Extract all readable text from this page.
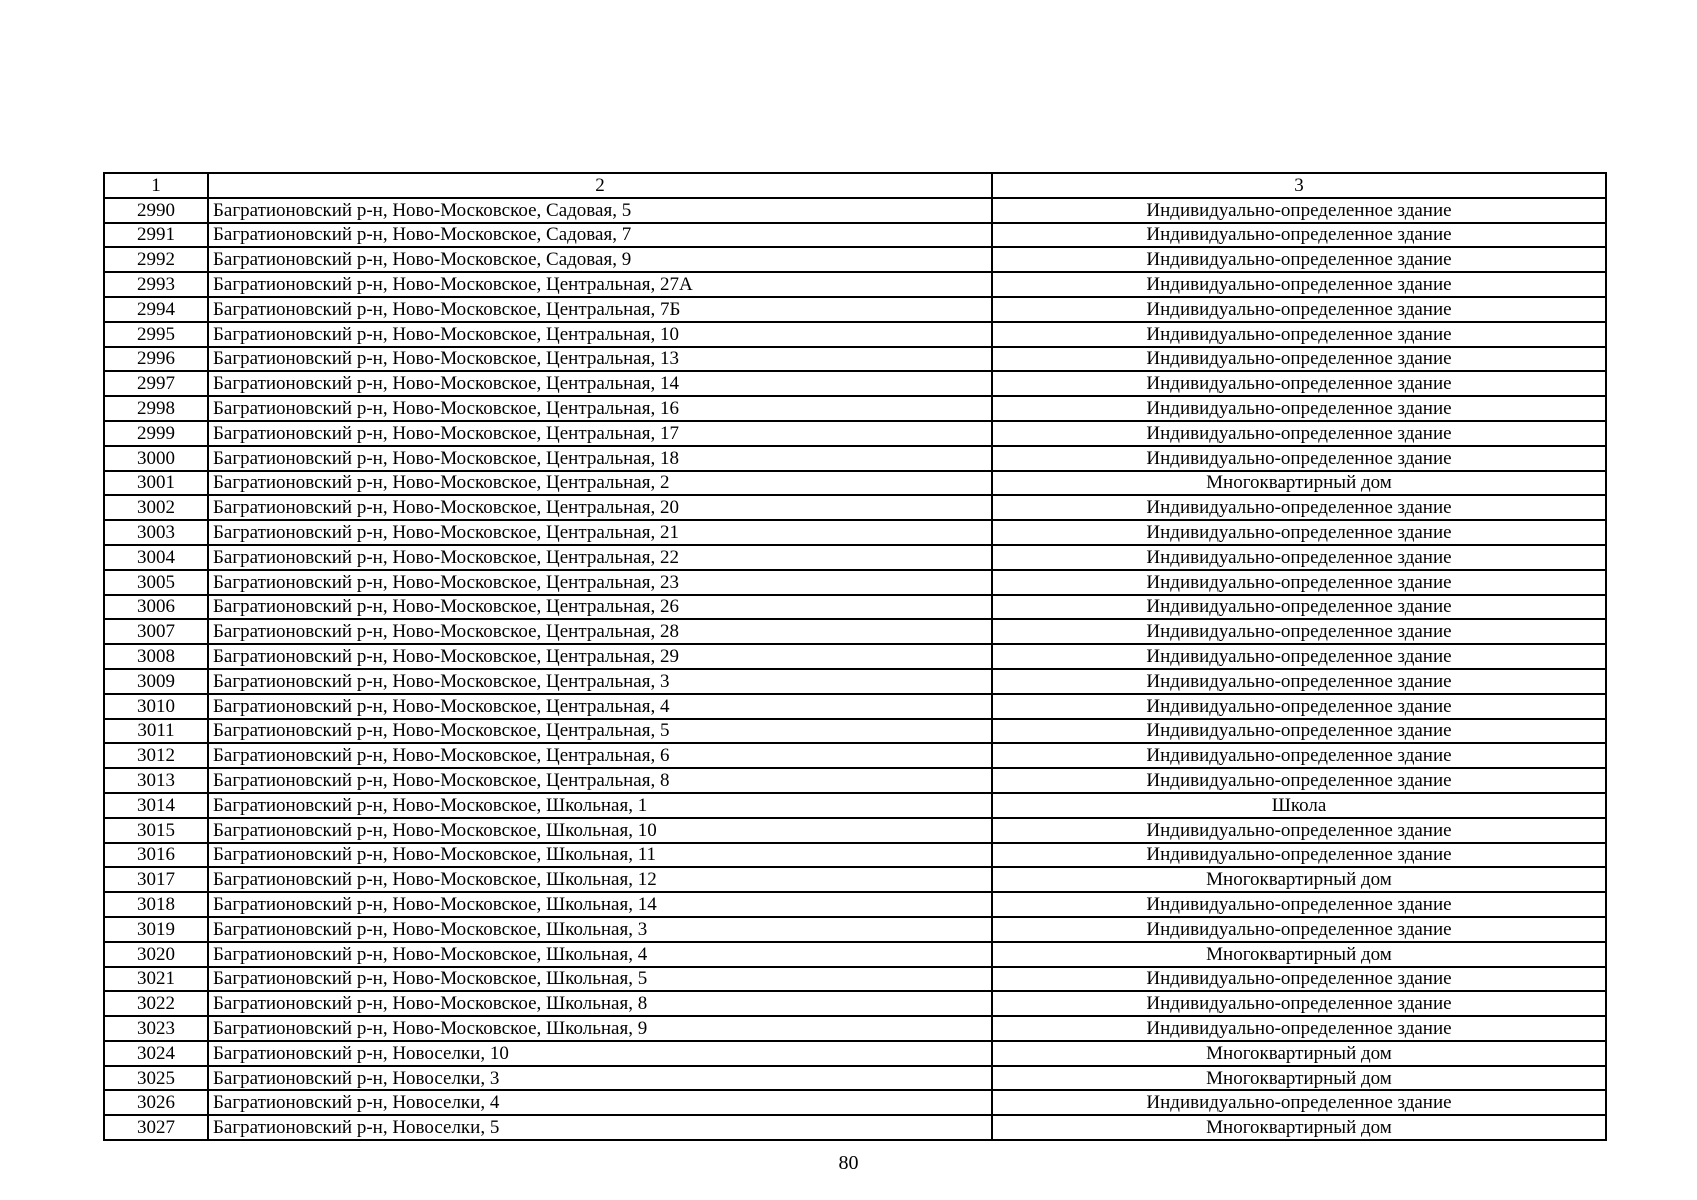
1	2	3
2990	Багратионовский р-н, Ново-Московское, Садовая, 5	Индивидуально-определенное здание
2991	Багратионовский р-н, Ново-Московское, Садовая, 7	Индивидуально-определенное здание
2992	Багратионовский р-н, Ново-Московское, Садовая, 9	Индивидуально-определенное здание
2993	Багратионовский р-н, Ново-Московское, Центральная, 27А	Индивидуально-определенное здание
2994	Багратионовский р-н, Ново-Московское, Центральная, 7Б	Индивидуально-определенное здание
2995	Багратионовский р-н, Ново-Московское, Центральная, 10	Индивидуально-определенное здание
2996	Багратионовский р-н, Ново-Московское, Центральная, 13	Индивидуально-определенное здание
2997	Багратионовский р-н, Ново-Московское, Центральная, 14	Индивидуально-определенное здание
2998	Багратионовский р-н, Ново-Московское, Центральная, 16	Индивидуально-определенное здание
2999	Багратионовский р-н, Ново-Московское, Центральная, 17	Индивидуально-определенное здание
3000	Багратионовский р-н, Ново-Московское, Центральная, 18	Индивидуально-определенное здание
3001	Багратионовский р-н, Ново-Московское, Центральная, 2	Многоквартирный дом
3002	Багратионовский р-н, Ново-Московское, Центральная, 20	Индивидуально-определенное здание
3003	Багратионовский р-н, Ново-Московское, Центральная, 21	Индивидуально-определенное здание
3004	Багратионовский р-н, Ново-Московское, Центральная, 22	Индивидуально-определенное здание
3005	Багратионовский р-н, Ново-Московское, Центральная, 23	Индивидуально-определенное здание
3006	Багратионовский р-н, Ново-Московское, Центральная, 26	Индивидуально-определенное здание
3007	Багратионовский р-н, Ново-Московское, Центральная, 28	Индивидуально-определенное здание
3008	Багратионовский р-н, Ново-Московское, Центральная, 29	Индивидуально-определенное здание
3009	Багратионовский р-н, Ново-Московское, Центральная, 3	Индивидуально-определенное здание
3010	Багратионовский р-н, Ново-Московское, Центральная, 4	Индивидуально-определенное здание
3011	Багратионовский р-н, Ново-Московское, Центральная, 5	Индивидуально-определенное здание
3012	Багратионовский р-н, Ново-Московское, Центральная, 6	Индивидуально-определенное здание
3013	Багратионовский р-н, Ново-Московское, Центральная, 8	Индивидуально-определенное здание
3014	Багратионовский р-н, Ново-Московское, Школьная, 1	Школа
3015	Багратионовский р-н, Ново-Московское, Школьная, 10	Индивидуально-определенное здание
3016	Багратионовский р-н, Ново-Московское, Школьная, 11	Индивидуально-определенное здание
3017	Багратионовский р-н, Ново-Московское, Школьная, 12	Многоквартирный дом
3018	Багратионовский р-н, Ново-Московское, Школьная, 14	Индивидуально-определенное здание
3019	Багратионовский р-н, Ново-Московское, Школьная, 3	Индивидуально-определенное здание
3020	Багратионовский р-н, Ново-Московское, Школьная, 4	Многоквартирный дом
3021	Багратионовский р-н, Ново-Московское, Школьная, 5	Индивидуально-определенное здание
3022	Багратионовский р-н, Ново-Московское, Школьная, 8	Индивидуально-определенное здание
3023	Багратионовский р-н, Ново-Московское, Школьная, 9	Индивидуально-определенное здание
3024	Багратионовский р-н, Новоселки, 10	Многоквартирный дом
3025	Багратионовский р-н, Новоселки, 3	Многоквартирный дом
3026	Багратионовский р-н, Новоселки, 4	Индивидуально-определенное здание
3027	Багратионовский р-н, Новоселки, 5	Многоквартирный дом
80
